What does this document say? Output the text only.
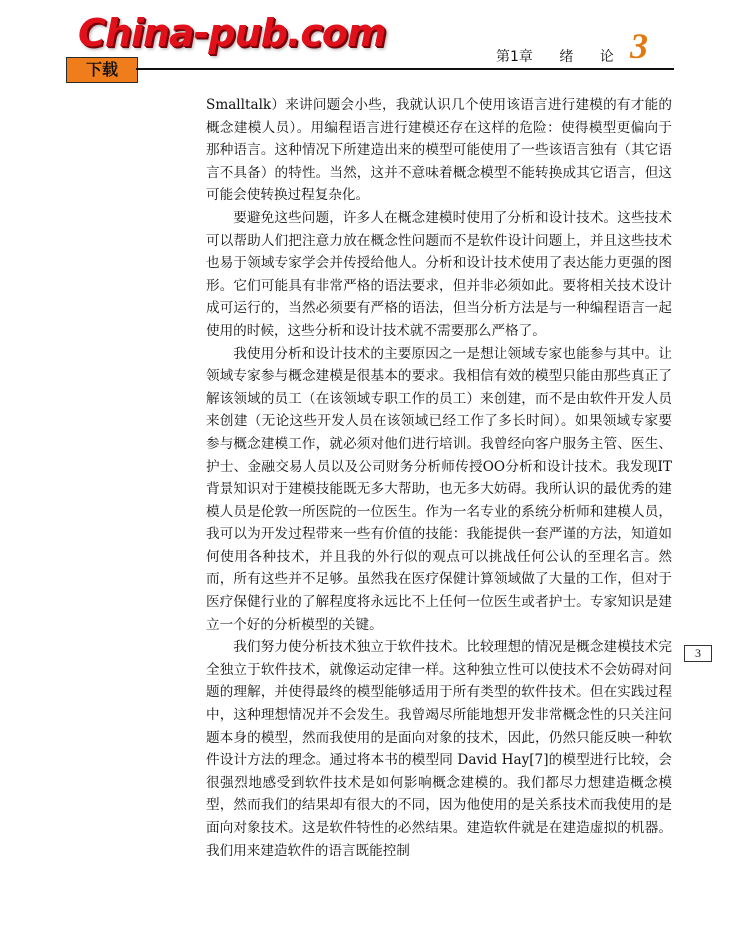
China-pub.com
下载
第1章 绪 论 3
3

Smalltalk）来讲问题会小些，我就认识几个使用该语言进行建模的有才能的概念建模人员）。用编程语言进行建模还存在这样的危险：使得模型更偏向于那种语言。这种情况下所建造出来的模型可能使用了一些该语言独有（其它语言不具备）的特性。当然，这并不意味着概念模型不能转换成其它语言，但这可能会使转换过程复杂化。

要避免这些问题，许多人在概念建模时使用了分析和设计技术。这些技术可以帮助人们把注意力放在概念性问题而不是软件设计问题上，并且这些技术也易于领域专家学会并传授给他人。分析和设计技术使用了表达能力更强的图形。它们可能具有非常严格的语法要求，但并非必须如此。要将相关技术设计成可运行的，当然必须要有严格的语法，但当分析方法是与一种编程语言一起使用的时候，这些分析和设计技术就不需要那么严格了。

我使用分析和设计技术的主要原因之一是想让领域专家也能参与其中。让领域专家参与概念建模是很基本的要求。我相信有效的模型只能由那些真正了解该领域的员工（在该领域专职工作的员工）来创建，而不是由软件开发人员来创建（无论这些开发人员在该领域已经工作了多长时间）。如果领域专家要参与概念建模工作，就必须对他们进行培训。我曾经向客户服务主管、医生、护士、金融交易人员以及公司财务分析师传授OO分析和设计技术。我发现IT背景知识对于建模技能既无多大帮助，也无多大妨碍。我所认识的最优秀的建模人员是伦敦一所医院的一位医生。作为一名专业的系统分析师和建模人员，我可以为开发过程带来一些有价值的技能：我能提供一套严谨的方法，知道如何使用各种技术，并且我的外行似的观点可以挑战任何公认的至理名言。然而，所有这些并不足够。虽然我在医疗保健计算领域做了大量的工作，但对于医疗保健行业的了解程度将永远比不上任何一位医生或者护士。专家知识是建立一个好的分析模型的关键。

我们努力使分析技术独立于软件技术。比较理想的情况是概念建模技术完全独立于软件技术，就像运动定律一样。这种独立性可以使技术不会妨碍对问题的理解，并使得最终的模型能够适用于所有类型的软件技术。但在实践过程中，这种理想情况并不会发生。我曾竭尽所能地想开发非常概念性的只关注问题本身的模型，然而我使用的是面向对象的技术，因此，仍然只能反映一种软件设计方法的理念。通过将本书的模型同 David Hay[7]的模型进行比较，会很强烈地感受到软件技术是如何影响概念建模的。我们都尽力想建造概念模型，然而我们的结果却有很大的不同，因为他使用的是关系技术而我使用的是面向对象技术。这是软件特性的必然结果。建造软件就是在建造虚拟的机器。我们用来建造软件的语言既能控制
